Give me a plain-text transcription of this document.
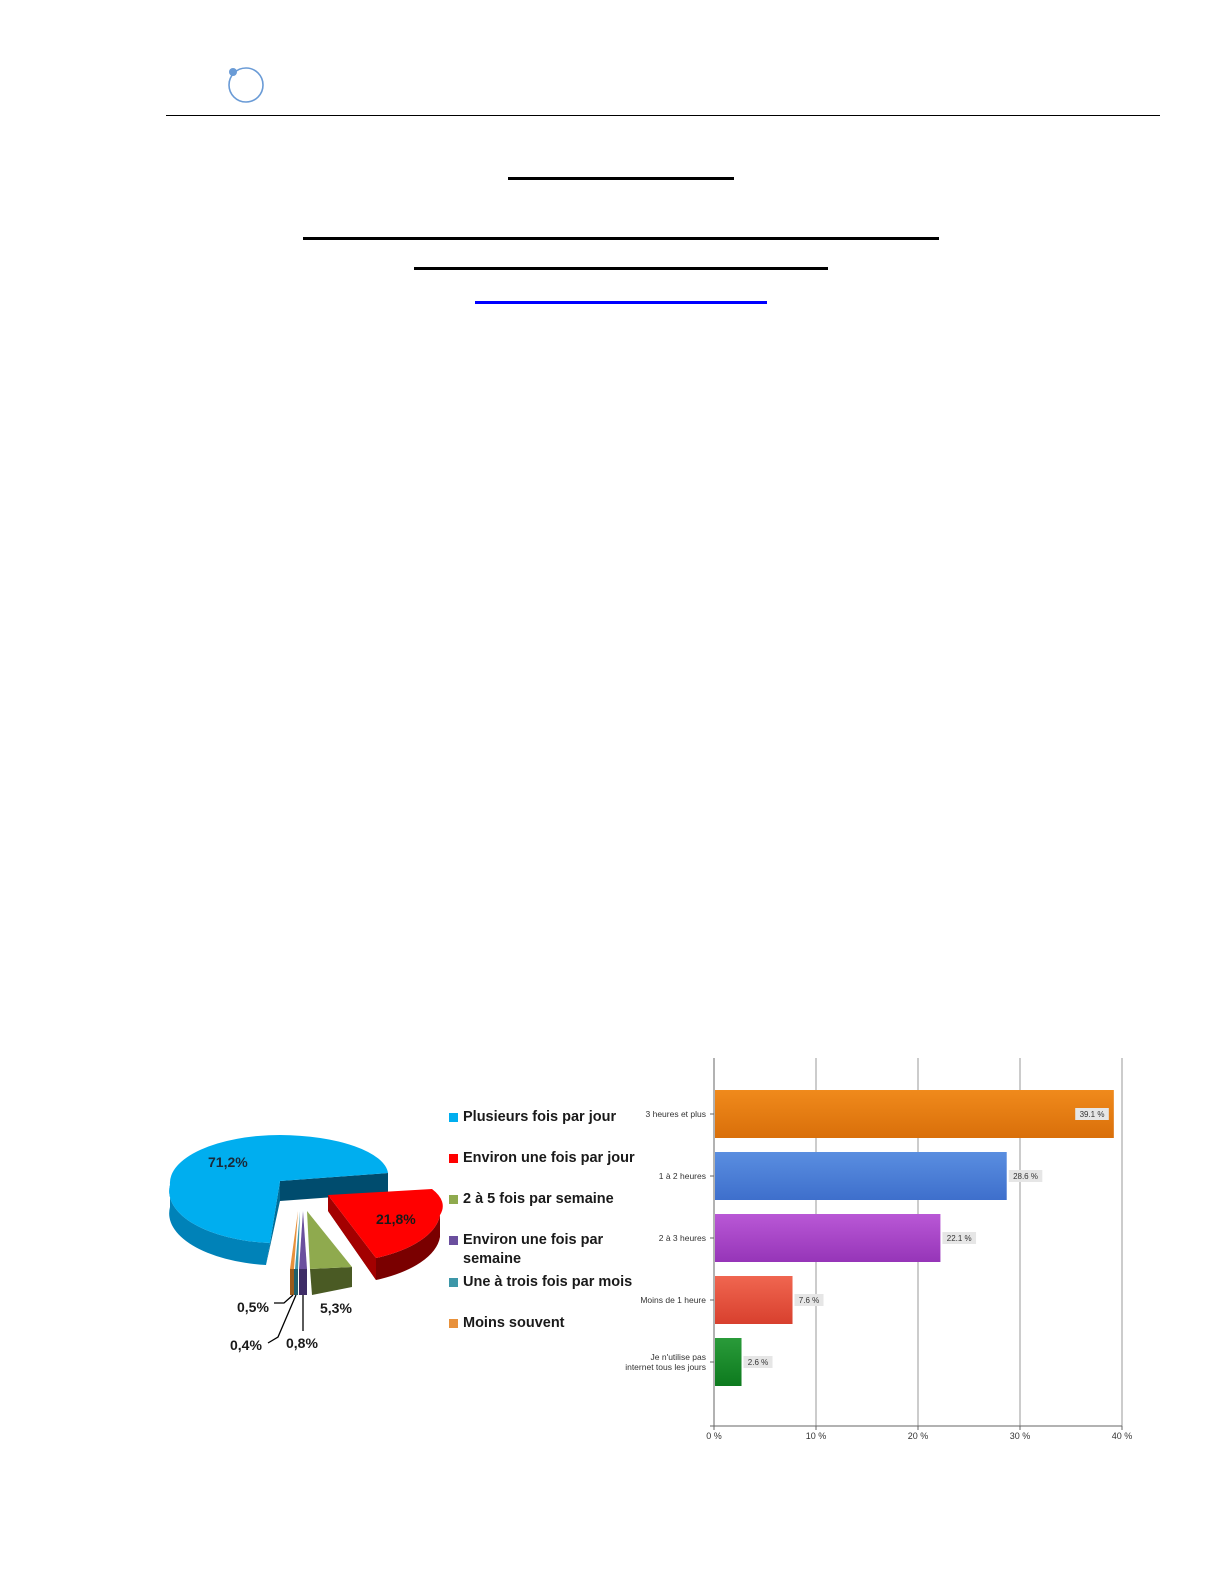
71,2%
21,8%
5,3%
0,5%
0,4% 0,8%
Plusieurs fois par jour
Environ une fois par jour
2 à 5 fois par semaine
Environ une fois par semaine
Une à trois fois par mois
Moins souvent
0 %	10 %	20 %	30 %	40 %
3 heures et plus	39.1 %
1 à 2 heures	28.6 %
2 à 3 heures	22.1 %
Moins de 1 heure	7.6 %
Je n'utilise pas
internet tous les jours	2.6 %
